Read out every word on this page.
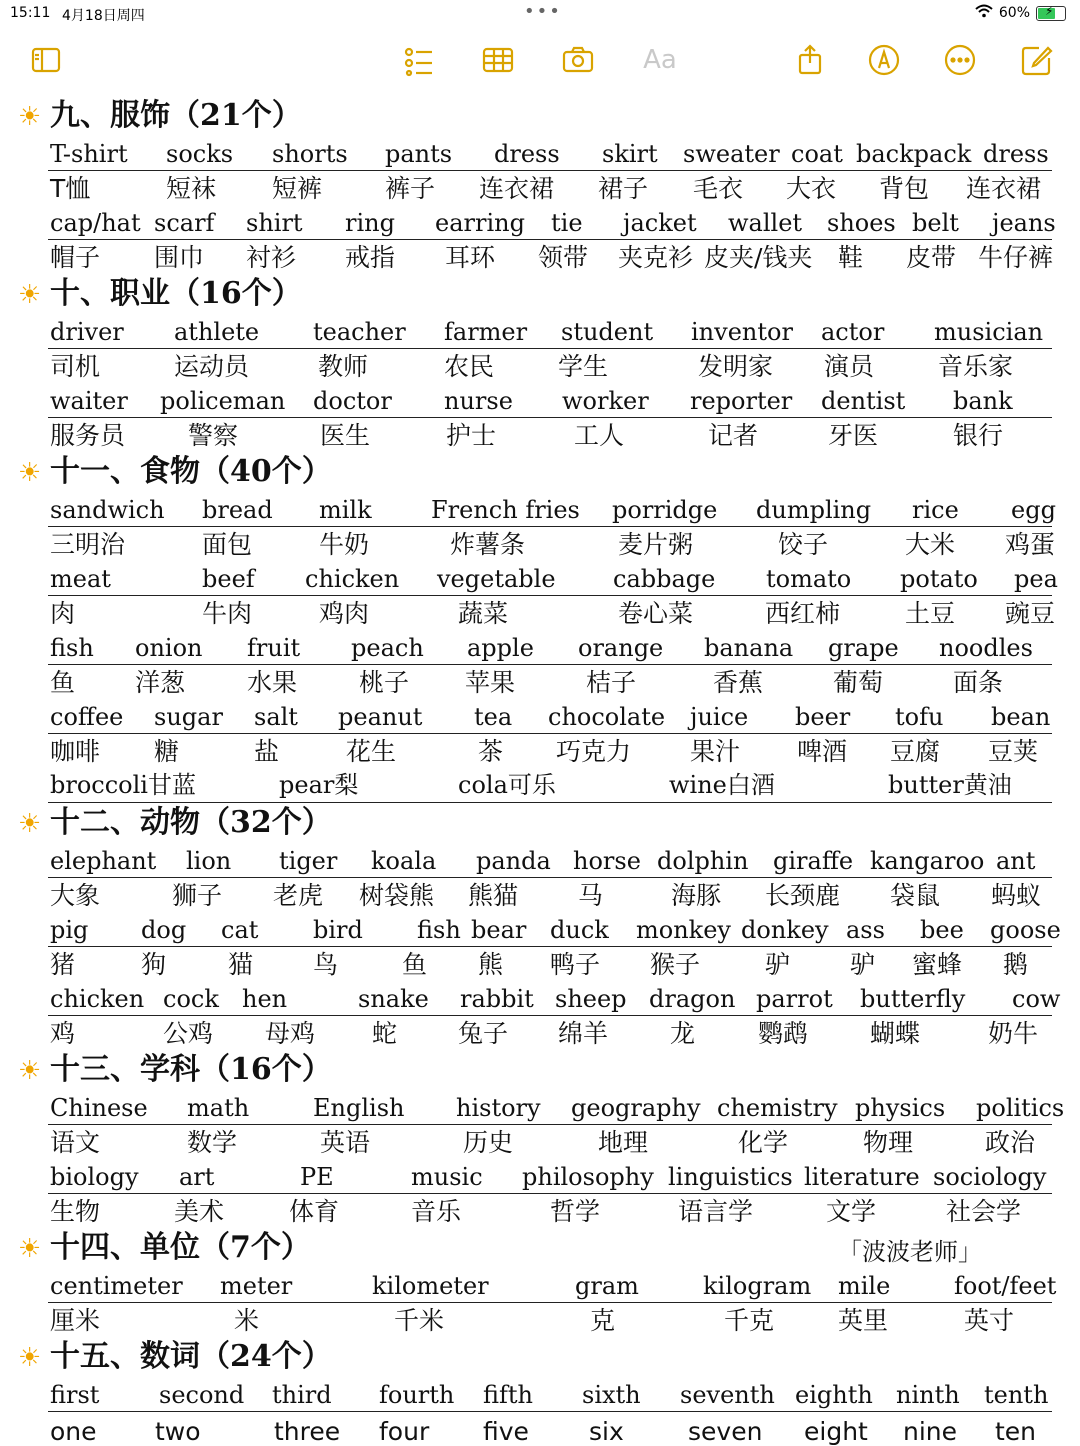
15:11 4月18日周四	•••	60% ⚡
Aa
☀ 九、服饰（21个）
T-shirt socks shorts pants dress skirt sweater coat backpack dress
T恤	短袜 短裤	裤子 连衣裙 裙子 毛衣 大衣 背包 连衣裙
cap/hat scarf shirt ring earring tie jacket wallet shoes belt jeans
帽子 围巾 衬衫 戒指 耳环 领带 夹克衫 皮夹/钱夹 鞋 皮带 牛仔裤
☀ 十、职业（16个）
driver athlete teacher farmer student inventor actor musician
司机	运动员	教师	农民	学生	发明家 演员	音乐家
waiter policeman doctor nurse worker reporter dentist bank
服务员	警察	医生	护士	工人	记者	牙医	银行
☀ 十一、食物（40个）
sandwich bread milk French fries porridge dumpling rice egg
三明治	面包	牛奶	炸薯条	麦片粥	饺子	大米 鸡蛋
meat	beef chicken vegetable cabbage tomato potato pea
肉	牛肉	鸡肉	蔬菜	卷心菜	西红柿	土豆 豌豆
fish onion fruit peach apple orange banana grape noodles
鱼 洋葱 水果 桃子 苹果	桔子	香蕉	葡萄	面条
coffee sugar salt peanut tea chocolate juice beer tofu bean
咖啡 糖	盐	花生	茶 巧克力 果汁 啤酒 豆腐 豆荚
broccoli甘蓝	pear梨	cola可乐	wine白酒	butter黄油
☀ 十二、动物（32个）
elephant lion tiger koala panda horse dolphin giraffe kangaroo ant
大象	狮子 老虎 树袋熊 熊猫 马	海豚 长颈鹿 袋鼠 蚂蚁
pig dog cat bird fish bear duck monkey donkey ass bee goose
猪	狗 猫 鸟	鱼 熊 鸭子 猴子	驴 驴 蜜蜂 鹅
chicken cock hen	snake rabbit sheep dragon parrot butterfly cow
鸡	公鸡 母鸡 蛇 兔子 绵羊 龙	鹦鹉 蝴蝶	奶牛
☀ 十三、学科（16个）
Chinese math	English history geography chemistry physics politics
语文	数学	英语	历史	地理	化学	物理	政治
biology art	PE	music philosophy linguistics literature sociology
生物	美术	体育	音乐	哲学	语言学	文学	社会学
☀ 十四、单位（7个）	「波波老师」
centimeter meter	kilometer	gram	kilogram mile	foot/feet
厘米	米	千米	克	千克	英里	英寸
☀ 十五、数词（24个）
first second third fourth fifth sixth seventh eighth ninth tenth
one two	three four five six	seven eight nine ten
